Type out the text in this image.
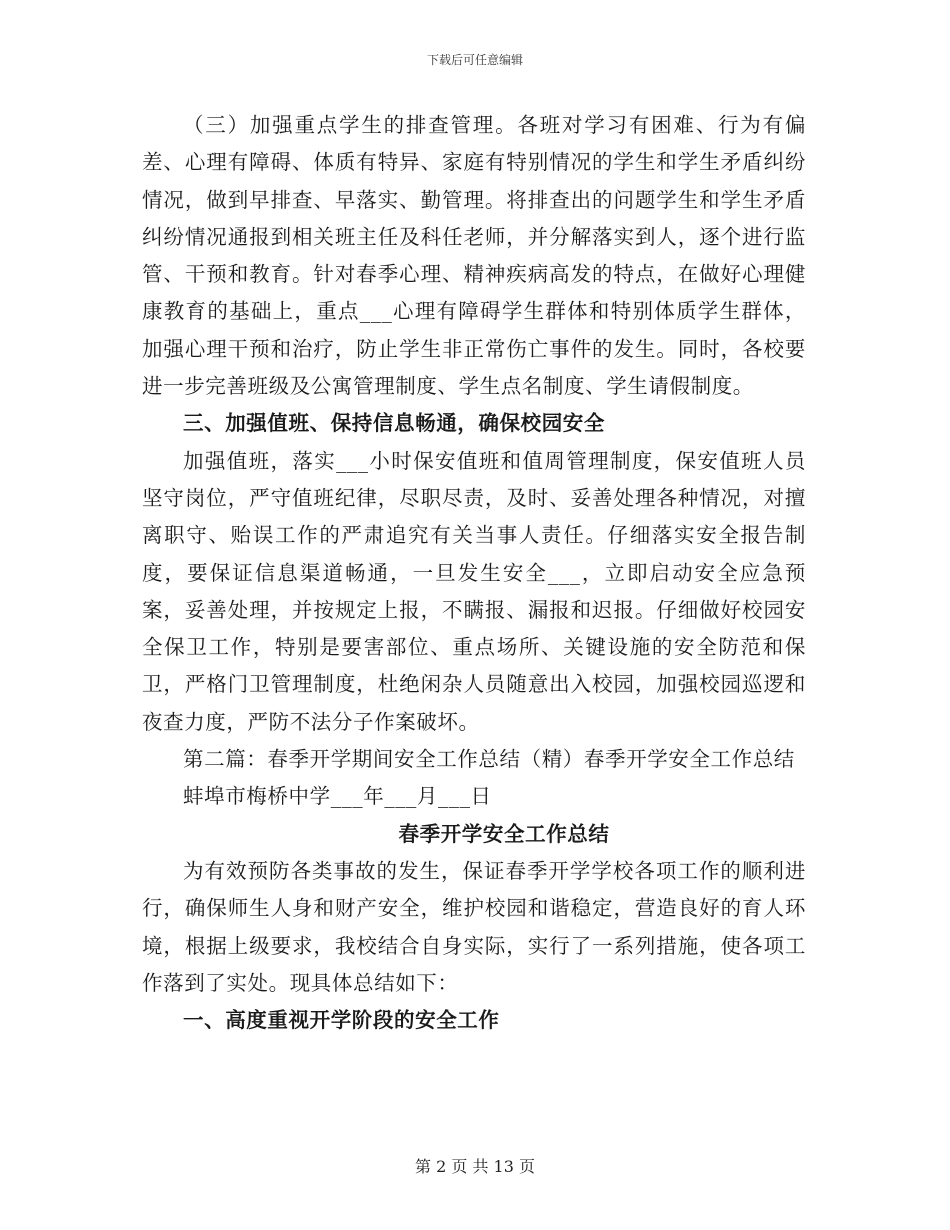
下载后可任意编辑

（三）加强重点学生的排查管理。各班对学习有困难、行为有偏差、心理有障碍、体质有特异、家庭有特别情况的学生和学生矛盾纠纷情况，做到早排查、早落实、勤管理。将排查出的问题学生和学生矛盾纠纷情况通报到相关班主任及科任老师，并分解落实到人，逐个进行监管、干预和教育。针对春季心理、精神疾病高发的特点，在做好心理健康教育的基础上，重点___心理有障碍学生群体和特别体质学生群体，加强心理干预和治疗，防止学生非正常伤亡事件的发生。同时，各校要进一步完善班级及公寓管理制度、学生点名制度、学生请假制度。

三、加强值班、保持信息畅通，确保校园安全

加强值班，落实___小时保安值班和值周管理制度，保安值班人员坚守岗位，严守值班纪律，尽职尽责，及时、妥善处理各种情况，对擅离职守、贻误工作的严肃追究有关当事人责任。仔细落实安全报告制度，要保证信息渠道畅通，一旦发生安全___，立即启动安全应急预案，妥善处理，并按规定上报，不瞒报、漏报和迟报。仔细做好校园安全保卫工作，特别是要害部位、重点场所、关键设施的安全防范和保卫，严格门卫管理制度，杜绝闲杂人员随意出入校园，加强校园巡逻和夜查力度，严防不法分子作案破坏。

第二篇：春季开学期间安全工作总结（精）春季开学安全工作总结

蚌埠市梅桥中学___年___月___日

春季开学安全工作总结

为有效预防各类事故的发生，保证春季开学学校各项工作的顺利进行，确保师生人身和财产安全，维护校园和谐稳定，营造良好的育人环境，根据上级要求，我校结合自身实际，实行了一系列措施，使各项工作落到了实处。现具体总结如下：

一、高度重视开学阶段的安全工作

第 2 页 共 13 页
